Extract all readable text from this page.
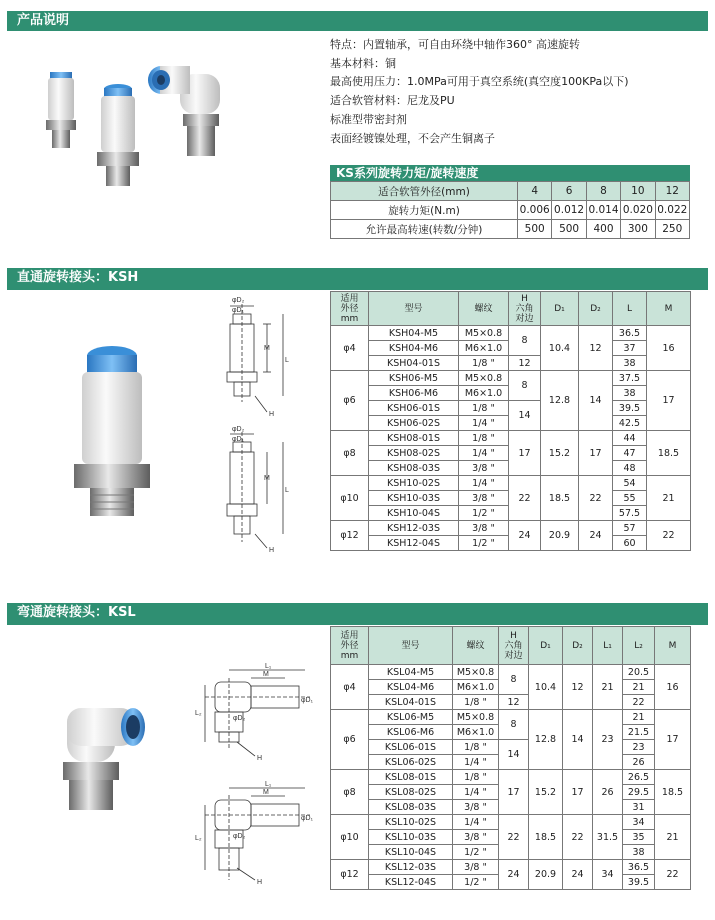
产品说明
直通旋转接头：KSH
弯通旋转接头：KSL
特点：内置轴承，可自由环绕中轴作360° 高速旋转
基本材料：铜
最高使用压力：1.0MPa可用于真空系统(真空度100KPa以下)
适合软管材料：尼龙及PU
标准型带密封剂
表面经镀镍处理，不会产生铜离子
KS系列旋转力矩/旋转速度
适合软管外径(mm)	4	6	8	10	12
旋转力矩(N.m)	0.006	0.012	0.014	0.020	0.022
允许最高转速(转数/分钟)	500	500	400	300	250
φD₂
φD₁
M
L
H
φD₂
φD₁
M
L
H
适用
外径
mm	型号	螺纹	H
六角
对边	D₁	D₂	L	M
φ4	KSH04-M5	M5×0.8	8	10.4	12	36.5	16
	KSH04-M6	M6×1.0				37	
	KSH04-01S	1/8 "	12			38	
φ6	KSH06-M5	M5×0.8	8	12.8	14	37.5	17
	KSH06-M6	M6×1.0				38	
	KSH06-01S	1/8 "	14			39.5	
	KSH06-02S	1/4 "				42.5	
φ8	KSH08-01S	1/8 "	17	15.2	17	44	18.5
	KSH08-02S	1/4 "				47	
	KSH08-03S	3/8 "				48	
φ10	KSH10-02S	1/4 "	22	18.5	22	54	21
	KSH10-03S	3/8 "				55	
	KSH10-04S	1/2 "				57.5	
φ12	KSH12-03S	3/8 "	24	20.9	24	57	22
	KSH12-04S	1/2 "				60	
L₁
M
φD₁
φD₂
L₂
H
L₁
M
φD₁
φD₂
L₂
H
适用
外径
mm	型号	螺纹	H
六角
对边	D₁	D₂	L₁	L₂	M
φ4	KSL04-M5	M5×0.8	8	10.4	12	21	20.5	16
	KSL04-M6	M6×1.0					21	
	KSL04-01S	1/8 "	12				22	
φ6	KSL06-M5	M5×0.8	8	12.8	14	23	21	17
	KSL06-M6	M6×1.0					21.5	
	KSL06-01S	1/8 "	14				23	
	KSL06-02S	1/4 "					26	
φ8	KSL08-01S	1/8 "	17	15.2	17	26	26.5	18.5
	KSL08-02S	1/4 "					29.5	
	KSL08-03S	3/8 "					31	
φ10	KSL10-02S	1/4 "	22	18.5	22	31.5	34	21
	KSL10-03S	3/8 "					35	
	KSL10-04S	1/2 "					38	
φ12	KSL12-03S	3/8 "	24	20.9	24	34	36.5	22
	KSL12-04S	1/2 "					39.5	
